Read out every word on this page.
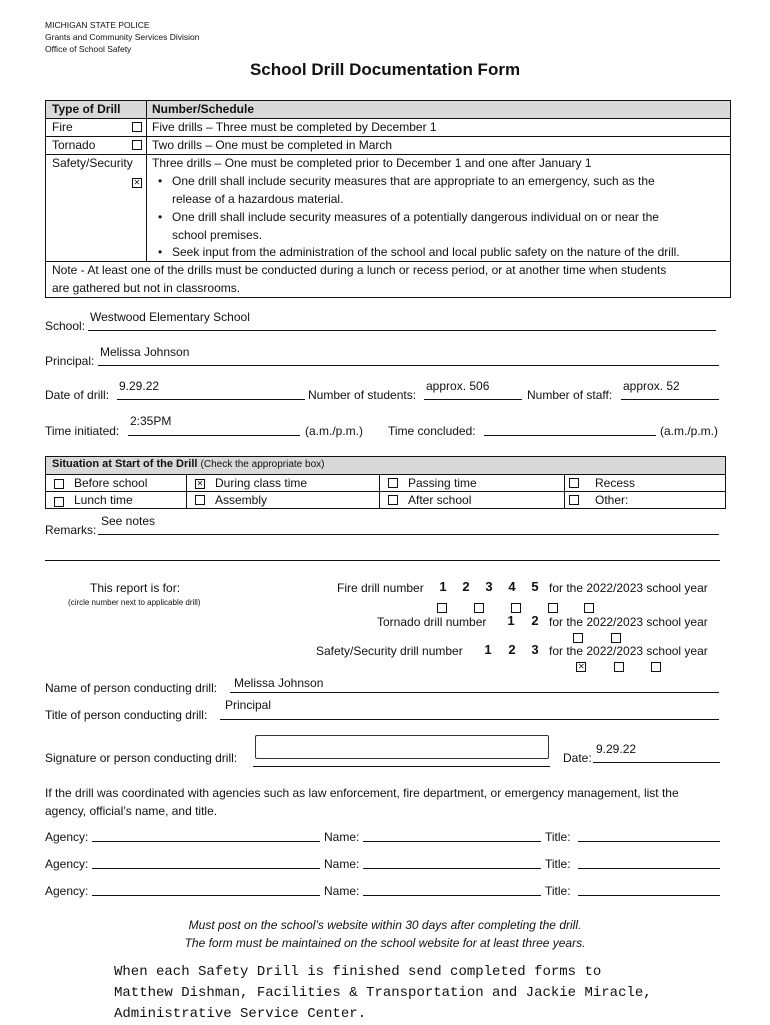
MICHIGAN STATE POLICE
Grants and Community Services Division
Office of School Safety
School Drill Documentation Form
Type of Drill	Number/Schedule
Fire	Five drills – Three must be completed by December 1
Tornado	Two drills – One must be completed in March
Safety/Security
✕ Three drills – One must be completed prior to December 1 and one after January 1
• One drill shall include security measures that are appropriate to an emergency, such as the
release of a hazardous material.
• One drill shall include security measures of a potentially dangerous individual on or near the
school premises.
• Seek input from the administration of the school and local public safety on the nature of the drill.
Note - At least one of the drills must be conducted during a lunch or recess period, or at another time when students
are gathered but not in classrooms.
School:
Westwood Elementary School
Principal:
Melissa Johnson
Date of drill:
9.29.22
Number of students:
approx. 506
Number of staff:
approx. 52
Time initiated:
2:35PM
(a.m./p.m.) Time concluded:	(a.m./p.m.)
Situation at Start of the Drill (Check the appropriate box)
Before school
✕	During class time	Passing time	Recess
Lunch time	Assembly	After school	Other:
Remarks:
See notes
This report is for:
(circle number next to applicable drill)
Fire drill number 1 2 3 4 5 for the 2022/2023 school year

Tornado drill number 1 2 for the 2022/2023 school year

Safety/Security drill number 1 2 3 for the 2022/2023 school year
✕
Name of person conducting drill: Melissa Johnson
Title of person conducting drill:
Principal
Signature or person conducting drill:	Date:
9.29.22
If the drill was coordinated with agencies such as law enforcement, fire department, or emergency management, list the
agency, official’s name, and title.
Agency:	Name:	Title:
Agency:	Name:	Title:
Agency:	Name:	Title:
Must post on the school’s website within 30 days after completing the drill.
The form must be maintained on the school website for at least three years.
When each Safety Drill is finished send completed forms to
Matthew Dishman, Facilities & Transportation and Jackie Miracle,
Administrative Service Center.
